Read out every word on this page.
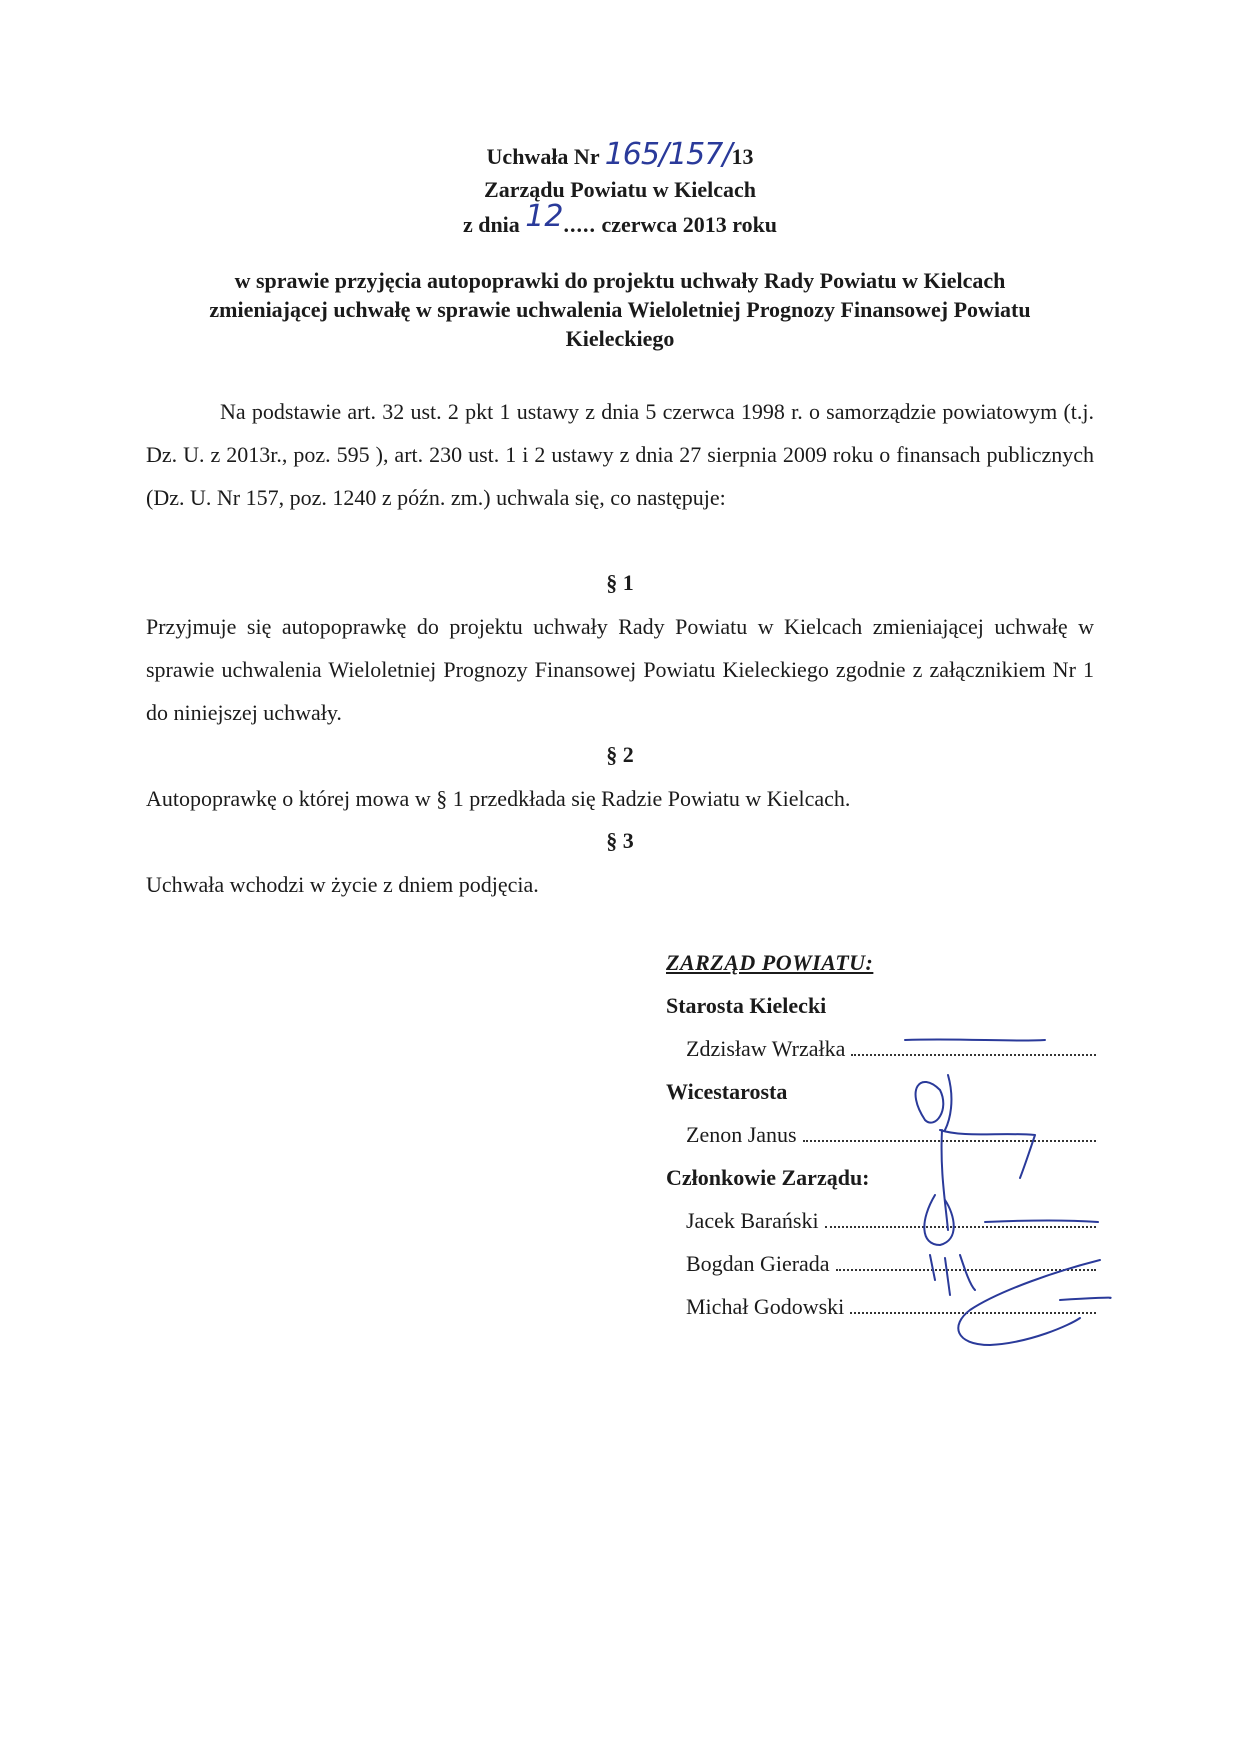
Uchwała Nr 165/157/13
Zarządu Powiatu w Kielcach
z dnia 12..... czerwca 2013 roku
w sprawie przyjęcia autopoprawki do projektu uchwały Rady Powiatu w Kielcach
zmieniającej uchwałę w sprawie uchwalenia Wieloletniej Prognozy Finansowej Powiatu
Kieleckiego
Na podstawie art. 32 ust. 2 pkt 1 ustawy z dnia 5 czerwca 1998 r. o samorządzie powiatowym (t.j. Dz. U. z 2013r., poz. 595 ), art. 230 ust. 1 i 2 ustawy z dnia 27 sierpnia 2009 roku o finansach publicznych (Dz. U. Nr 157, poz. 1240 z późn. zm.) uchwala się, co następuje:
§ 1
Przyjmuje się autopoprawkę do projektu uchwały Rady Powiatu w Kielcach zmieniającej uchwałę w sprawie uchwalenia Wieloletniej Prognozy Finansowej Powiatu Kieleckiego zgodnie z załącznikiem Nr 1 do niniejszej uchwały.
§ 2
Autopoprawkę o której mowa w § 1 przedkłada się Radzie Powiatu w Kielcach.
§ 3
Uchwała wchodzi w życie z dniem podjęcia.
ZARZĄD POWIATU:
Starosta Kielecki
Zdzisław Wrzałka
Wicestarosta
Zenon Janus
Członkowie Zarządu:
Jacek Barański
Bogdan Gierada
Michał Godowski
